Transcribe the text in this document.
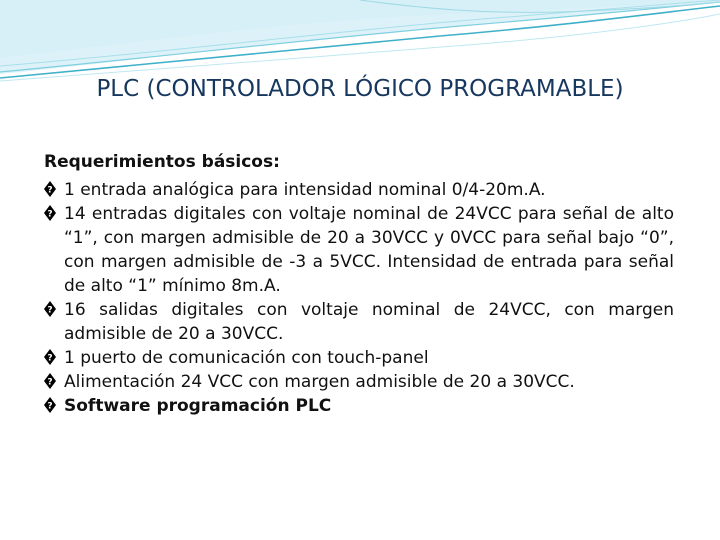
PLC (CONTROLADOR LÓGICO PROGRAMABLE)

Requerimientos básicos:

? 1 entrada analógica para intensidad nominal 0/4-20m.A.

? 14 entradas digitales con voltaje nominal de 24VCC para señal de alto “1”, con margen admisible de 20 a 30VCC y 0VCC para señal bajo “0”, con margen admisible de -3 a 5VCC. Intensidad de entrada para señal de alto “1” mínimo 8m.A.

? 16 salidas digitales con voltaje nominal de 24VCC, con margen admisible de 20 a 30VCC.

? 1 puerto de comunicación con touch-panel

? Alimentación 24 VCC con margen admisible de 20 a 30VCC.

? Software programación PLC
